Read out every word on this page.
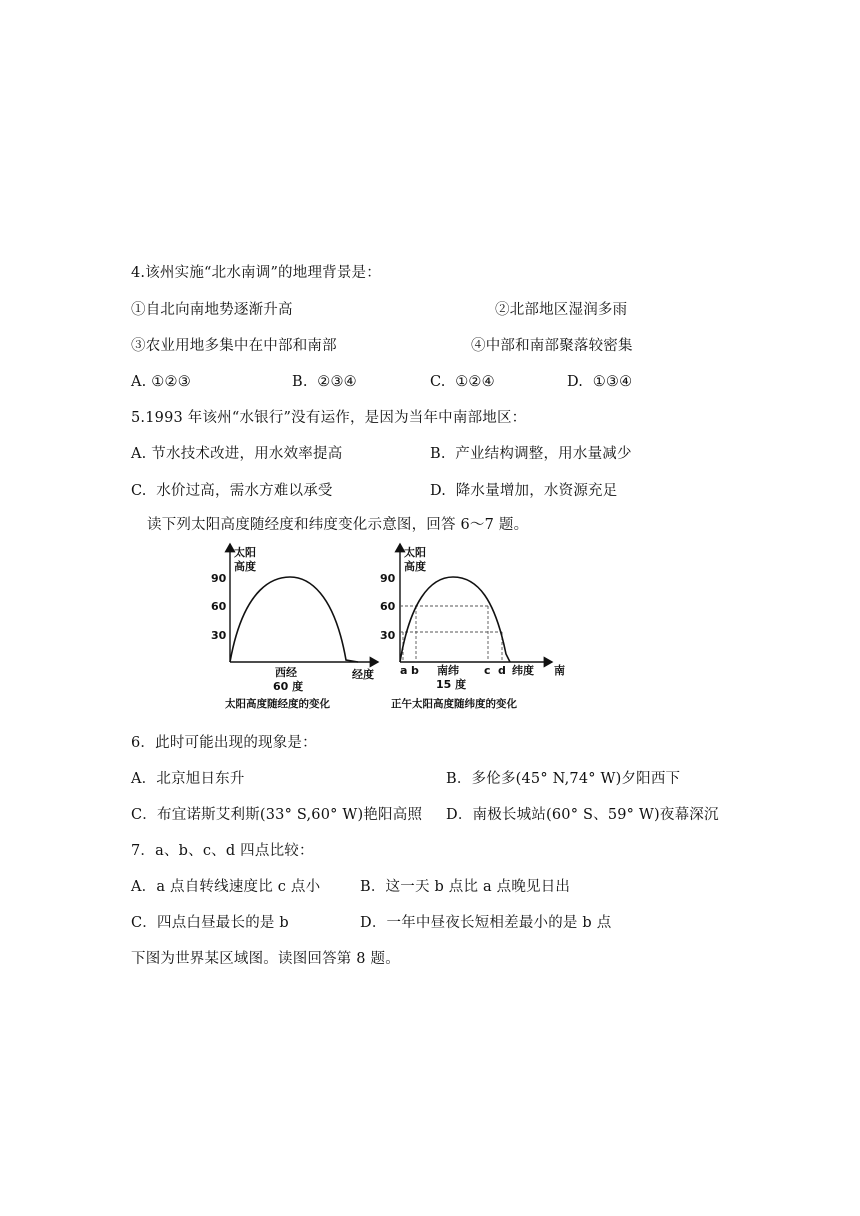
4.该州实施“北水南调”的地理背景是：
①自北向南地势逐渐升高	②北部地区湿润多雨
③农业用地多集中在中部和南部	④中部和南部聚落较密集
A. ①②③	B.  ②③④	C.  ①②④	D.  ①③④
5.1993 年该州“水银行”没有运作，是因为当年中南部地区：
A. 节水技术改进，用水效率提高	B.  产业结构调整，用水量减少
C.  水价过高，需水方难以承受	D.  降水量增加，水资源充足
读下列太阳高度随经度和纬度变化示意图，回答 6～7 题。
太阳
高度
90
60
30
西经
60 度
经度
太阳高度随经度的变化
太阳
高度
90
60
30
a b 南纬
15 度
c d 纬度 南
正午太阳高度随纬度的变化
6．此时可能出现的现象是：
A．北京旭日东升	B．多伦多(45° N,74° W)夕阳西下
C．布宜诺斯艾利斯(33° S,60° W)艳阳高照 D．南极长城站(60° S、59° W)夜幕深沉
7．a、b、c、d 四点比较：
A．a 点自转线速度比 c 点小	B．这一天 b 点比 a 点晚见日出
C．四点白昼最长的是 b	D．一年中昼夜长短相差最小的是 b 点
下图为世界某区域图。读图回答第 8 题。
